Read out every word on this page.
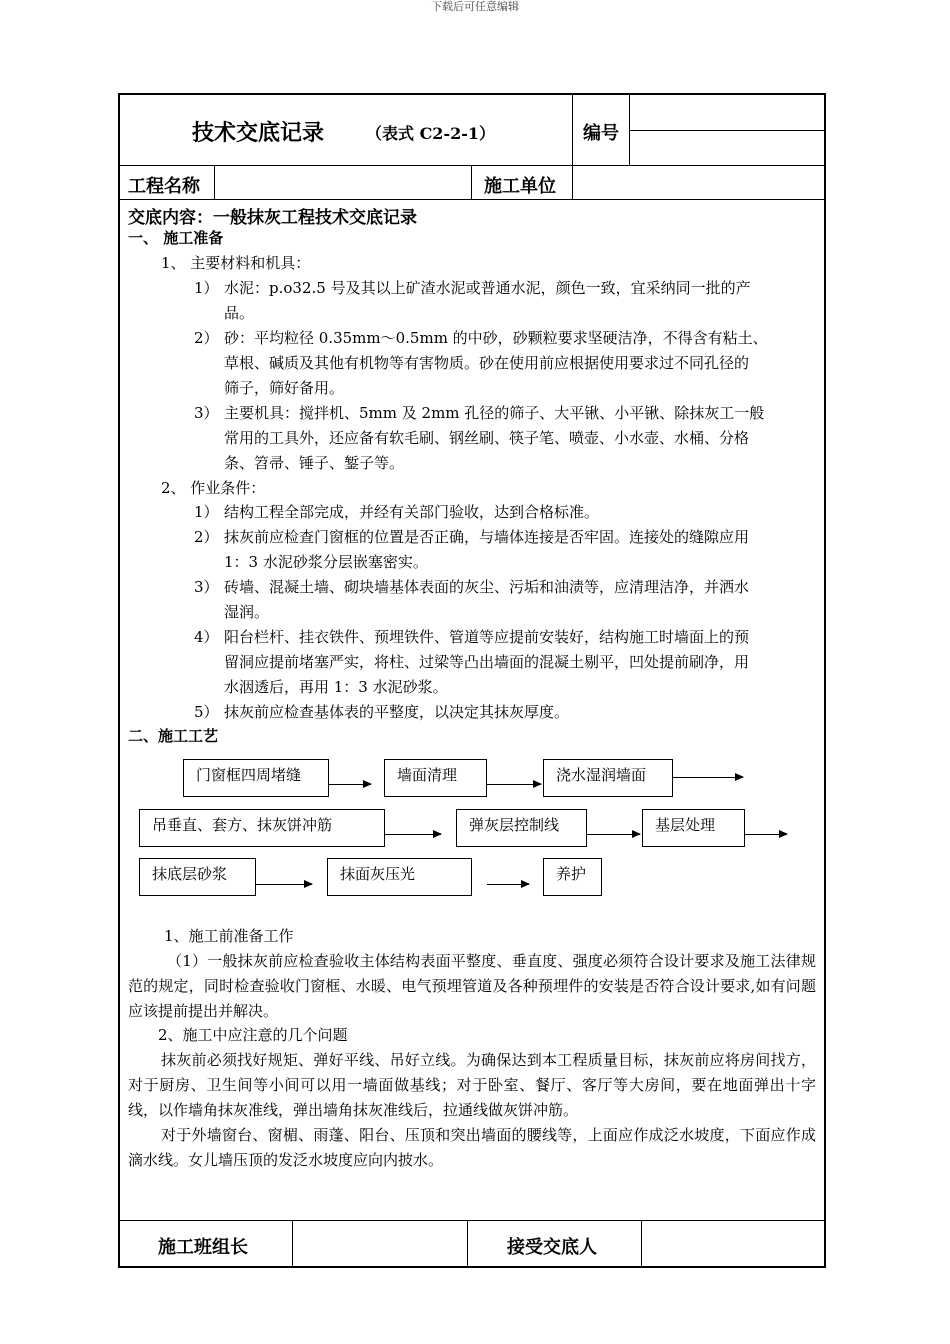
下载后可任意编辑
技术交底记录	（表式 C2-2-1）	编号
工程名称	施工单位
交底内容：一般抹灰工程技术交底记录
一、 施工准备
1、 主要材料和机具：
1） 水泥：p.o32.5 号及其以上矿渣水泥或普通水泥，颜色一致，宜采纳同一批的产
品。
2） 砂：平均粒径 0.35mm～0.5mm 的中砂，砂颗粒要求坚硬洁净，不得含有粘土、
草根、碱质及其他有机物等有害物质。砂在使用前应根据使用要求过不同孔径的
筛子，筛好备用。
3） 主要机具：搅拌机、5mm 及 2mm 孔径的筛子、大平锹、小平锹、除抹灰工一般
常用的工具外，还应备有软毛刷、钢丝刷、筷子笔、喷壶、小水壶、水桶、分格
条、笤帚、锤子、錾子等。
2、 作业条件：
1） 结构工程全部完成，并经有关部门验收，达到合格标准。
2） 抹灰前应检查门窗框的位置是否正确，与墙体连接是否牢固。连接处的缝隙应用
1：3 水泥砂浆分层嵌塞密实。
3） 砖墙、混凝土墙、砌块墙基体表面的灰尘、污垢和油渍等，应清理洁净，并洒水
湿润。
4） 阳台栏杆、挂衣铁件、预埋铁件、管道等应提前安装好，结构施工时墙面上的预
留洞应提前堵塞严实，将柱、过梁等凸出墙面的混凝土剔平，凹处提前刷净，用
水洇透后，再用 1：3 水泥砂浆。
5） 抹灰前应检查基体表的平整度，以决定其抹灰厚度。
二、施工工艺
门窗框四周堵缝	墙面清理	浇水湿润墙面
吊垂直、套方、抹灰饼冲筋	弹灰层控制线	基层处理
抹底层砂浆	抹面灰压光	养护
1、施工前准备工作
（1）一般抹灰前应检查验收主体结构表面平整度、垂直度、强度必须符合设计要求及施工法律规范的规定，同时检查验收门窗框、水暖、电气预埋管道及各种预埋件的安装是否符合设计要求,如有问题应该提前提出并解决。
2、施工中应注意的几个问题
抹灰前必须找好规矩、弹好平线、吊好立线。为确保达到本工程质量目标，抹灰前应将房间找方，对于厨房、卫生间等小间可以用一墙面做基线；对于卧室、餐厅、客厅等大房间，要在地面弹出十字线，以作墙角抹灰准线，弹出墙角抹灰准线后，拉通线做灰饼冲筋。
对于外墙窗台、窗楣、雨蓬、阳台、压顶和突出墙面的腰线等，上面应作成泛水坡度，下面应作成滴水线。女儿墙压顶的发泛水坡度应向内披水。
施工班组长	接受交底人
